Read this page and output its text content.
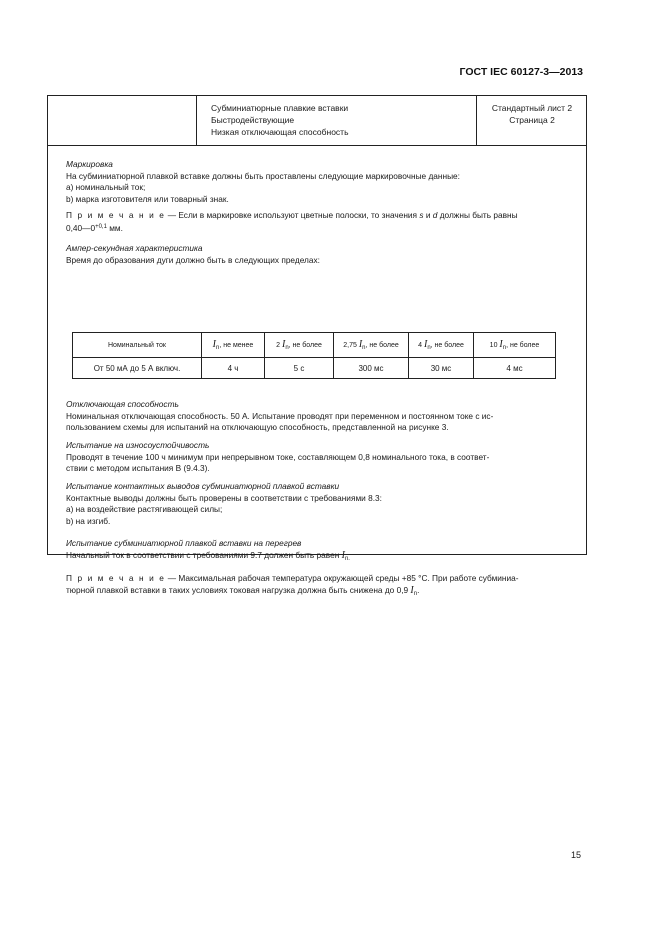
ГОСТ IEC 60127-3—2013
Субминиатюрные плавкие вставки
Быстродействующие
Низкая отключающая способность
Стандартный лист 2
Страница 2
Маркировка
На субминиатюрной плавкой вставке должны быть проставлены следующие маркировочные данные:
a) номинальный ток;
b) марка изготовителя или товарный знак.
П р и м е ч а н и е — Если в маркировке используют цветные полоски, то значения s и d должны быть равны
$0,40—0^{+0,1}$ мм.
Ампер-секундная характеристика
Время до образования дуги должно быть в следующих пределах:
Номинальный ток	In, не менее	2 In, не более	2,75 In, не более	4 In, не более	10 In, не более
От 50 мА до 5 А включ.	4 ч	5 с	300 мс	30 мс	4 мс
Отключающая способность
Номинальная отключающая способность. 50 А. Испытание проводят при переменном и постоянном токе с ис-
пользованием схемы для испытаний на отключающую способность, представленной на рисунке 3.
Испытание на износоустойчивость
Проводят в течение 100 ч минимум при непрерывном токе, составляющем 0,8 номинального тока, в соответ-
ствии с методом испытания В (9.4.3).
Испытание контактных выводов субминиатюрной плавкой вставки
Контактные выводы должны быть проверены в соответствии с требованиями 8.3:
a) на воздействие растягивающей силы;
b) на изгиб.
Испытание субминиатюрной плавкой вставки на перегрев
Начальный ток в соответствии с требованиями 9.7 должен быть равен $I_{n.}$
П р и м е ч а н и е — Максимальная рабочая температура окружающей среды +85 °С. При работе субминиа-
тюрной плавкой вставки в таких условиях токовая нагрузка должна быть снижена до 0,9 $I_n$.
15
